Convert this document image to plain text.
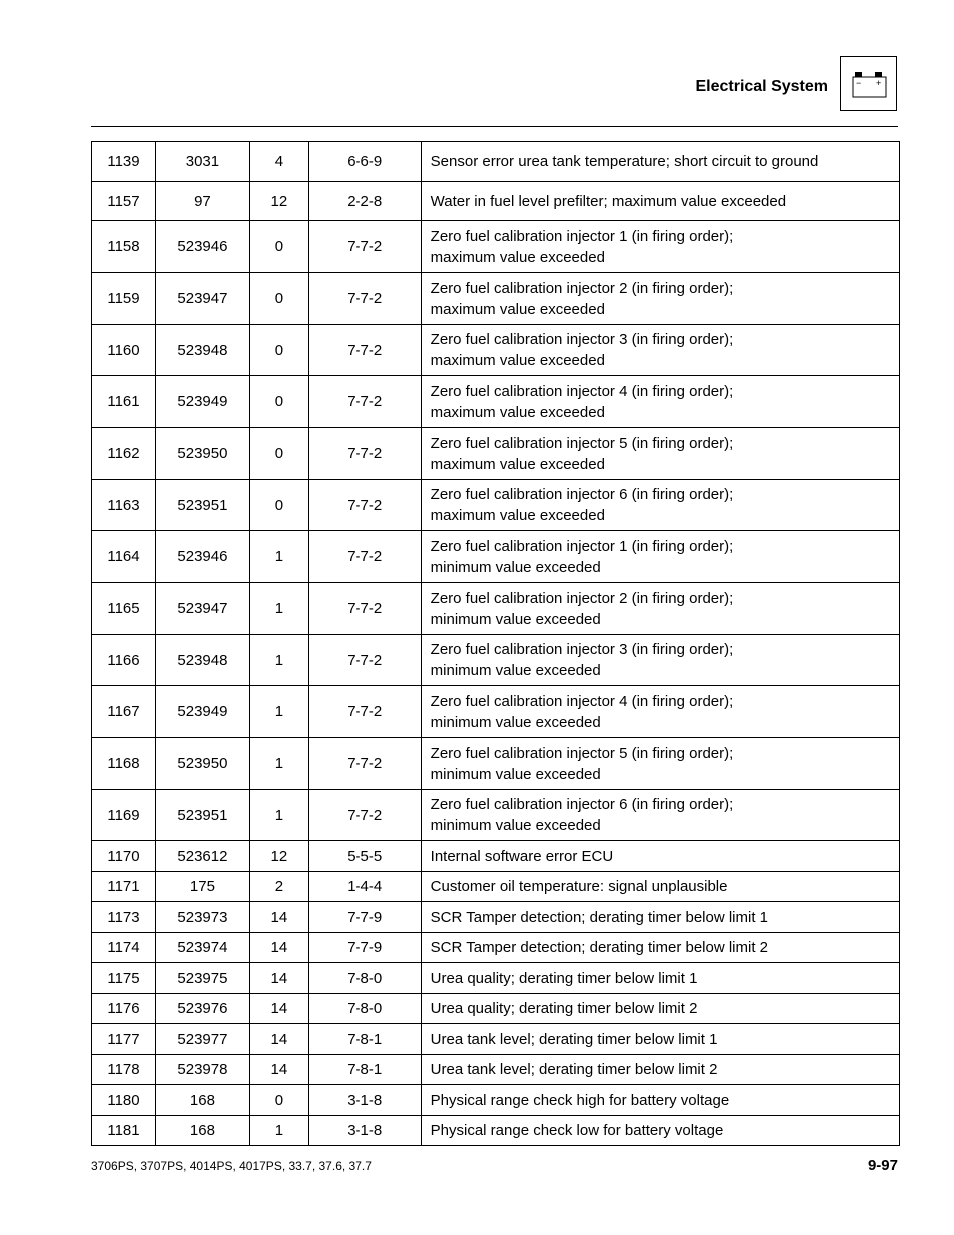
Electrical System	− +
1139	3031	4	6-6-9	Sensor error urea tank temperature; short circuit to ground

1157	97	12	2-2-8	Water in fuel level prefilter; maximum value exceeded

1158	523946	0	7-7-2	Zero fuel calibration injector 1 (in firing order);
maximum value exceeded

1159	523947	0	7-7-2	Zero fuel calibration injector 2 (in firing order);
maximum value exceeded

1160	523948	0	7-7-2	Zero fuel calibration injector 3 (in firing order);
maximum value exceeded

1161	523949	0	7-7-2	Zero fuel calibration injector 4 (in firing order);
maximum value exceeded

1162	523950	0	7-7-2	Zero fuel calibration injector 5 (in firing order);
maximum value exceeded

1163	523951	0	7-7-2	Zero fuel calibration injector 6 (in firing order);
maximum value exceeded

1164	523946	1	7-7-2	Zero fuel calibration injector 1 (in firing order);
minimum value exceeded

1165	523947	1	7-7-2	Zero fuel calibration injector 2 (in firing order);
minimum value exceeded

1166	523948	1	7-7-2	Zero fuel calibration injector 3 (in firing order);
minimum value exceeded

1167	523949	1	7-7-2	Zero fuel calibration injector 4 (in firing order);
minimum value exceeded

1168	523950	1	7-7-2	Zero fuel calibration injector 5 (in firing order);
minimum value exceeded

1169	523951	1	7-7-2	Zero fuel calibration injector 6 (in firing order);
minimum value exceeded

1170	523612	12	5-5-5	Internal software error ECU

1171	175	2	1-4-4	Customer oil temperature: signal unplausible

1173	523973	14	7-7-9	SCR Tamper detection; derating timer below limit 1

1174	523974	14	7-7-9	SCR Tamper detection; derating timer below limit 2

1175	523975	14	7-8-0	Urea quality; derating timer below limit 1

1176	523976	14	7-8-0	Urea quality; derating timer below limit 2

1177	523977	14	7-8-1	Urea tank level; derating timer below limit 1

1178	523978	14	7-8-1	Urea tank level; derating timer below limit 2

1180	168	0	3-1-8	Physical range check high for battery voltage

1181	168	1	3-1-8	Physical range check low for battery voltage
3706PS, 3707PS, 4014PS, 4017PS, 33.7, 37.6, 37.7	9-97
